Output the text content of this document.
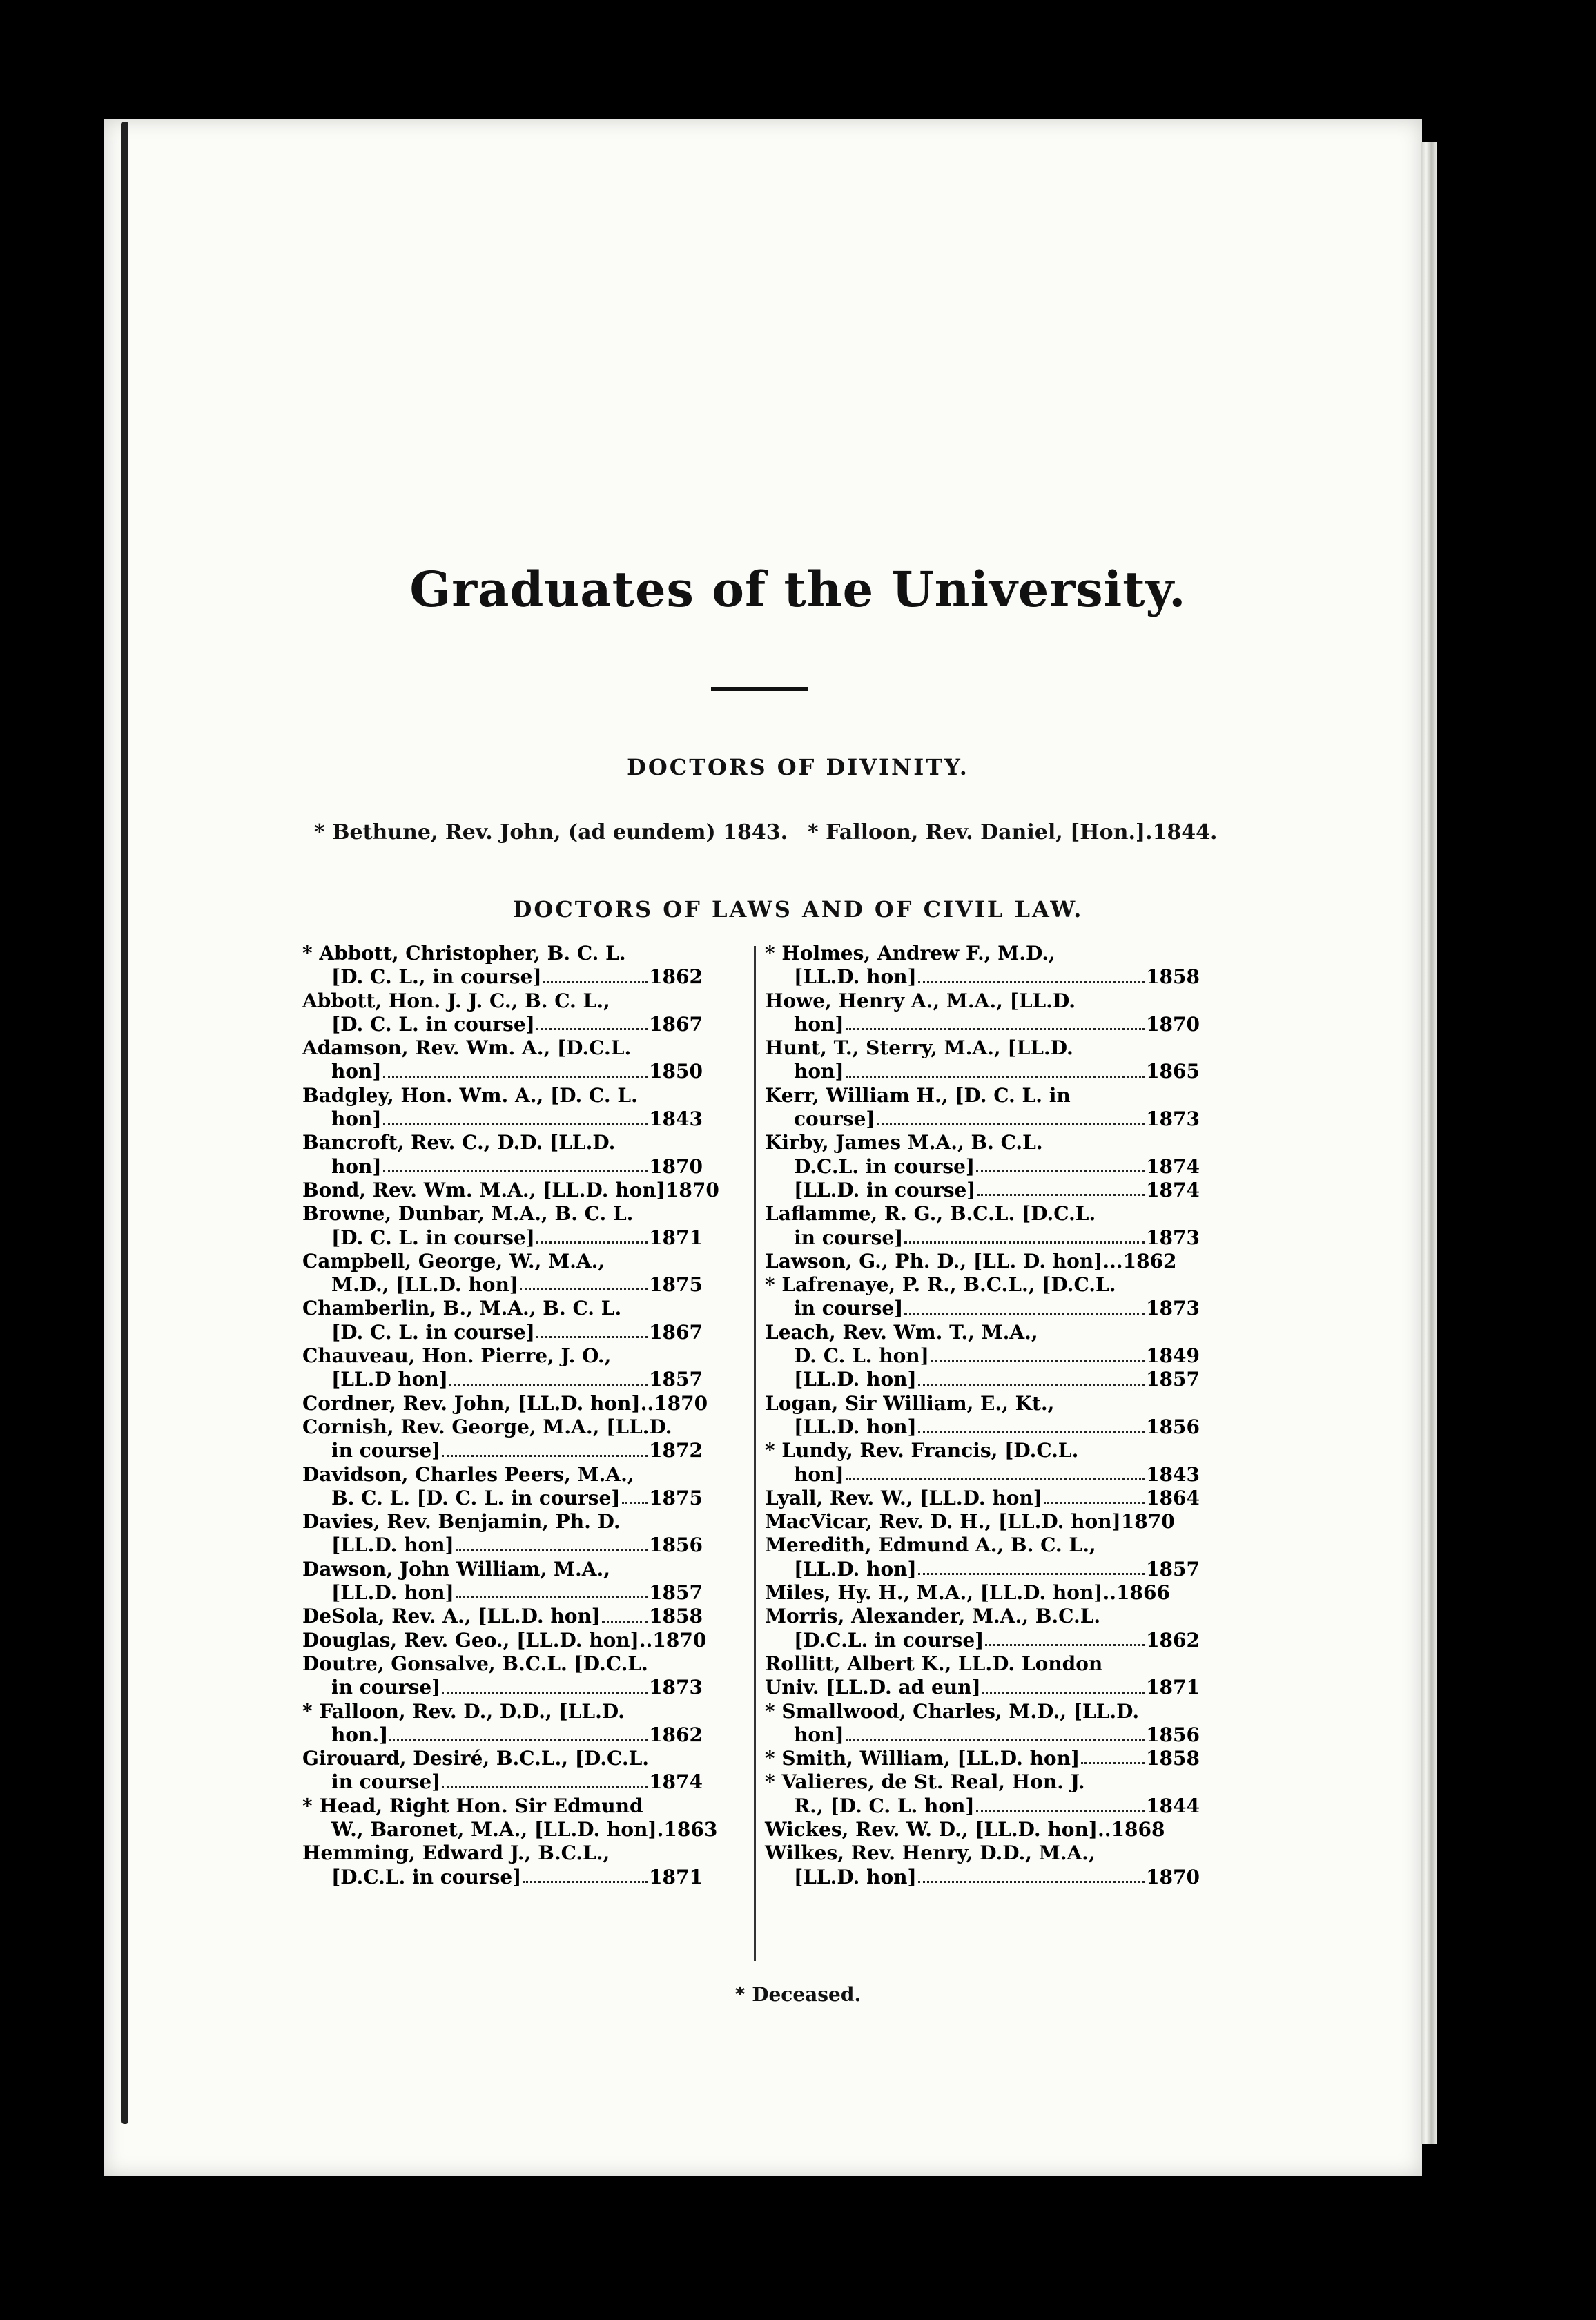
Graduates of the University.
DOCTORS OF DIVINITY.
* Bethune, Rev. John, (ad eundem) 1843. * Falloon, Rev. Daniel, [Hon.].1844.
DOCTORS OF LAWS AND OF CIVIL LAW.
* Abbott, Christopher, B. C. L.
[D. C. L., in course]	1862
Abbott, Hon. J. J. C., B. C. L.,
[D. C. L. in course]	1867
Adamson, Rev. Wm. A., [D.C.L.
hon]	1850
Badgley, Hon. Wm. A., [D. C. L.
hon]	1843
Bancroft, Rev. C., D.D. [LL.D.
hon]	1870
Bond, Rev. Wm. M.A., [LL.D. hon]1870
Browne, Dunbar, M.A., B. C. L.
[D. C. L. in course]	1871
Campbell, George, W., M.A.,
M.D., [LL.D. hon]	1875
Chamberlin, B., M.A., B. C. L.
[D. C. L. in course]	1867
Chauveau, Hon. Pierre, J. O.,
[LL.D hon]	1857
Cordner, Rev. John, [LL.D. hon]..1870
Cornish, Rev. George, M.A., [LL.D.
in course]	1872
Davidson, Charles Peers, M.A.,
B. C. L. [D. C. L. in course] 1875
Davies, Rev. Benjamin, Ph. D.
[LL.D. hon]	1856
Dawson, John William, M.A.,
[LL.D. hon]	1857
DeSola, Rev. A., [LL.D. hon]	1858
Douglas, Rev. Geo., [LL.D. hon]..1870
Doutre, Gonsalve, B.C.L. [D.C.L.
in course]	1873
* Falloon, Rev. D., D.D., [LL.D.
hon.]	1862
Girouard, Desiré, B.C.L., [D.C.L.
in course]	1874
* Head, Right Hon. Sir Edmund
W., Baronet, M.A., [LL.D. hon].1863
Hemming, Edward J., B.C.L.,
[D.C.L. in course]	1871
* Holmes, Andrew F., M.D.,
[LL.D. hon]	1858
Howe, Henry A., M.A., [LL.D.
hon]	1870
Hunt, T., Sterry, M.A., [LL.D.
hon]	1865
Kerr, William H., [D. C. L. in
course]	1873
Kirby, James M.A., B. C.L.
D.C.L. in course]	1874
[LL.D. in course]	1874
Laflamme, R. G., B.C.L. [D.C.L.
in course]	1873
Lawson, G., Ph. D., [LL. D. hon]...1862
* Lafrenaye, P. R., B.C.L., [D.C.L.
in course]	1873
Leach, Rev. Wm. T., M.A.,
D. C. L. hon]	1849
[LL.D. hon]	1857
Logan, Sir William, E., Kt.,
[LL.D. hon]	1856
* Lundy, Rev. Francis, [D.C.L.
hon]	1843
Lyall, Rev. W., [LL.D. hon]	1864
MacVicar, Rev. D. H., [LL.D. hon]1870
Meredith, Edmund A., B. C. L.,
[LL.D. hon]	1857
Miles, Hy. H., M.A., [LL.D. hon]..1866
Morris, Alexander, M.A., B.C.L.
[D.C.L. in course]	1862
Rollitt, Albert K., LL.D. London
Univ. [LL.D. ad eun]	1871
* Smallwood, Charles, M.D., [LL.D.
hon]	1856
* Smith, William, [LL.D. hon]	1858
* Valieres, de St. Real, Hon. J.
R., [D. C. L. hon]	1844
Wickes, Rev. W. D., [LL.D. hon]..1868
Wilkes, Rev. Henry, D.D., M.A.,
[LL.D. hon]	1870
* Deceased.
